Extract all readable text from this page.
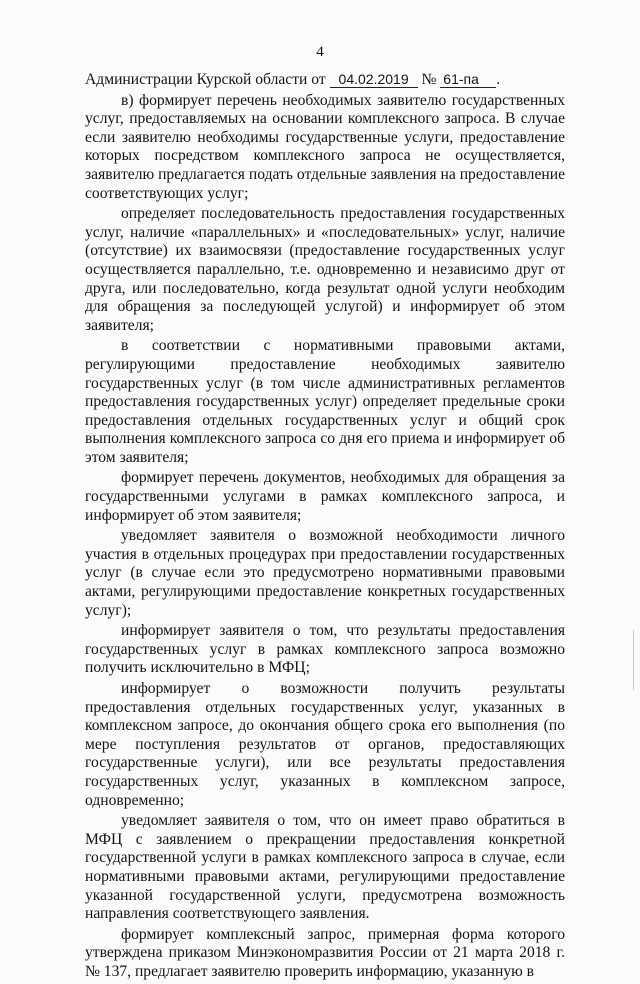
4
Администрации Курской области от 04.02.2019 № 61-па .

в) формирует перечень необходимых заявителю государственных услуг, предоставляемых на основании комплексного запроса. В случае если заявителю необходимы государственные услуги, предоставление которых посредством комплексного запроса не осуществляется, заявителю предлагается подать отдельные заявления на предоставление соответствующих услуг;

определяет последовательность предоставления государственных услуг, наличие «параллельных» и «последовательных» услуг, наличие (отсутствие) их взаимосвязи (предоставление государственных услуг осуществляется параллельно, т.е. одновременно и независимо друг от друга, или последовательно, когда результат одной услуги необходим для обращения за последующей услугой) и информирует об этом заявителя;

в соответствии с нормативными правовыми актами, регулирующими предоставление необходимых заявителю государственных услуг (в том числе административных регламентов предоставления государственных услуг) определяет предельные сроки предоставления отдельных государственных услуг и общий срок выполнения комплексного запроса со дня его приема и информирует об этом заявителя;

формирует перечень документов, необходимых для обращения за государственными услугами в рамках комплексного запроса, и информирует об этом заявителя;

уведомляет заявителя о возможной необходимости личного участия в отдельных процедурах при предоставлении государственных услуг (в случае если это предусмотрено нормативными правовыми актами, регулирующими предоставление конкретных государственных услуг);

информирует заявителя о том, что результаты предоставления государственных услуг в рамках комплексного запроса возможно получить исключительно в МФЦ;

информирует о возможности получить результаты предоставления отдельных государственных услуг, указанных в комплексном запросе, до окончания общего срока его выполнения (по мере поступления результатов от органов, предоставляющих государственные услуги), или все результаты предоставления государственных услуг, указанных в комплексном запросе, одновременно;

уведомляет заявителя о том, что он имеет право обратиться в МФЦ с заявлением о прекращении предоставления конкретной государственной услуги в рамках комплексного запроса в случае, если нормативными правовыми актами, регулирующими предоставление указанной государственной услуги, предусмотрена возможность направления соответствующего заявления.

формирует комплексный запрос, примерная форма которого утверждена приказом Минэкономразвития России от 21 марта 2018 г. № 137, предлагает заявителю проверить информацию, указанную в
